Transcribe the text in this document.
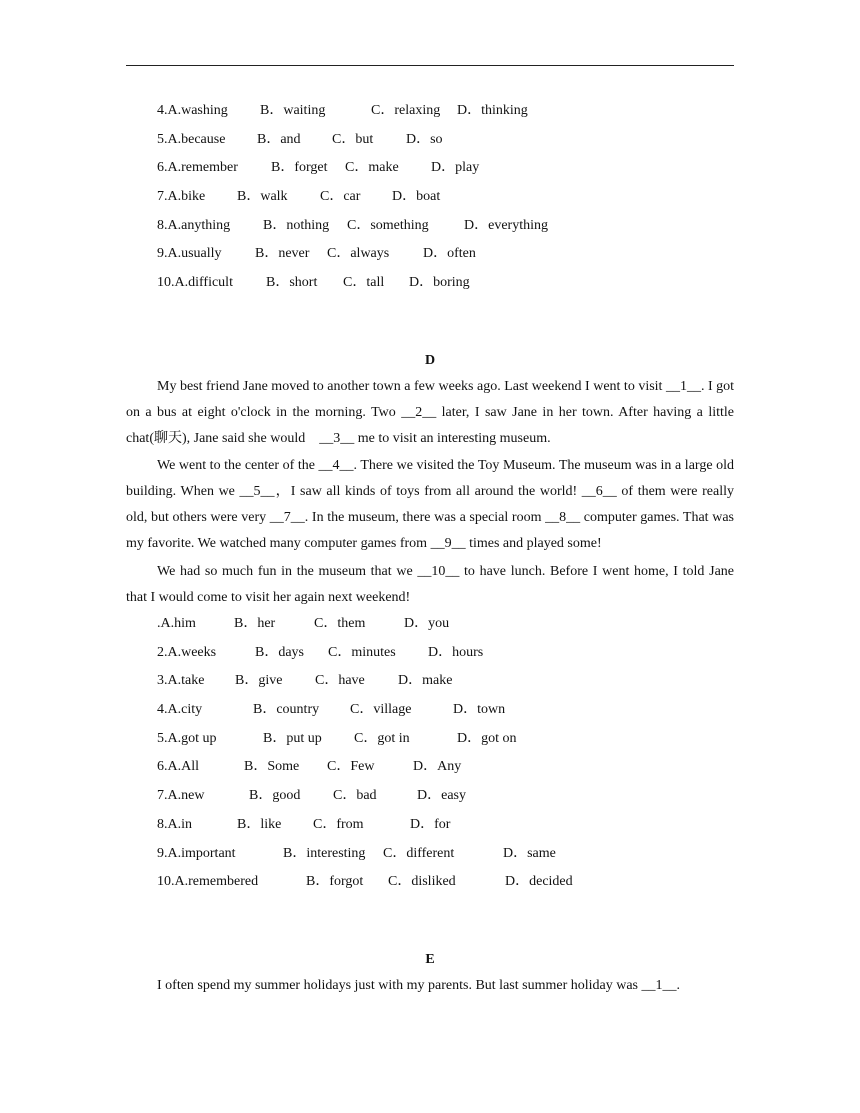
4.A.washing B．waiting	C．relaxing D．thinking
5.A.because B．and C．but D．so
6.A.remember B．forget C．make D．play
7.A.bike B．walk C．car D．boat
8.A.anything B．nothing C．something	D．everything
9.A.usually B．never C．always D．often
10.A.difficult B．short C．tall D．boring
D

My best friend Jane moved to another town a few weeks ago. Last weekend I went to visit __1__. I got on a bus at eight o'clock in the morning. Two __2__ later, I saw Jane in her town. After having a little chat(聊天), Jane said she would　__3__ me to visit an interesting museum.

We went to the center of the __4__. There we visited the Toy Museum. The museum was in a large old building. When we __5__，I saw all kinds of toys from all around the world! __6__ of them were really old, but others were very __7__. In the museum, there was a special room __8__ computer games. That was my favorite. We watched many computer games from __9__ times and played some!

We had so much fun in the museum that we __10__ to have lunch. Before I went home, I told Jane that I would come to visit her again next weekend!

.A.him	B．her	C．them	D．you
2.A.weeks	B．days C．minutes D．hours
3.A.take B．give C．have D．make
4.A.city	B．country C．village	D．town
5.A.got up	B．put up C．got in	D．got on
6.A.All	B．Some C．Few	D．Any
7.A.new	B．good C．bad	D．easy
8.A.in	B．like C．from	D．for
9.A.important	B．interesting C．different	D．same
10.A.remembered	B．forgot C．disliked	D．decided
E

I often spend my summer holidays just with my parents. But last summer holiday was __1__.
